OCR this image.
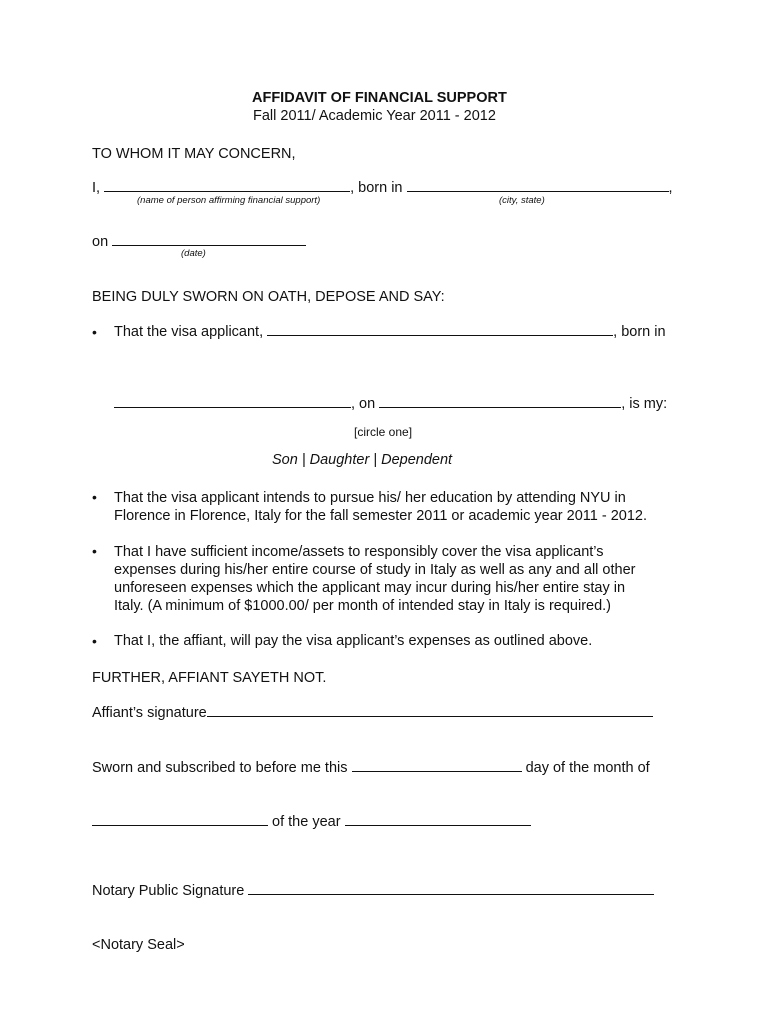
AFFIDAVIT OF FINANCIAL SUPPORT
Fall 2011/ Academic Year 2011 - 2012
TO WHOM IT MAY CONCERN,
I,	, born in	,
(name of person affirming financial support)	(city, state)
on
(date)
BEING DULY SWORN ON OATH, DEPOSE AND SAY:
• That the visa applicant,	, born in
, on	, is my:
[circle one]
Son | Daughter | Dependent
• That the visa applicant intends to pursue his/ her education by attending NYU in
Florence in Florence, Italy for the fall semester 2011 or academic year 2011 - 2012.
• That I have sufficient income/assets to responsibly cover the visa applicant’s
expenses during his/her entire course of study in Italy as well as any and all other
unforeseen expenses which the applicant may incur during his/her entire stay in
Italy. (A minimum of $1000.00/ per month of intended stay in Italy is required.)
• That I, the affiant, will pay the visa applicant’s expenses as outlined above.
FURTHER, AFFIANT SAYETH NOT.
Affiant’s signature
Sworn and subscribed to before me this	day of the month of
of the year
Notary Public Signature
<Notary Seal>
